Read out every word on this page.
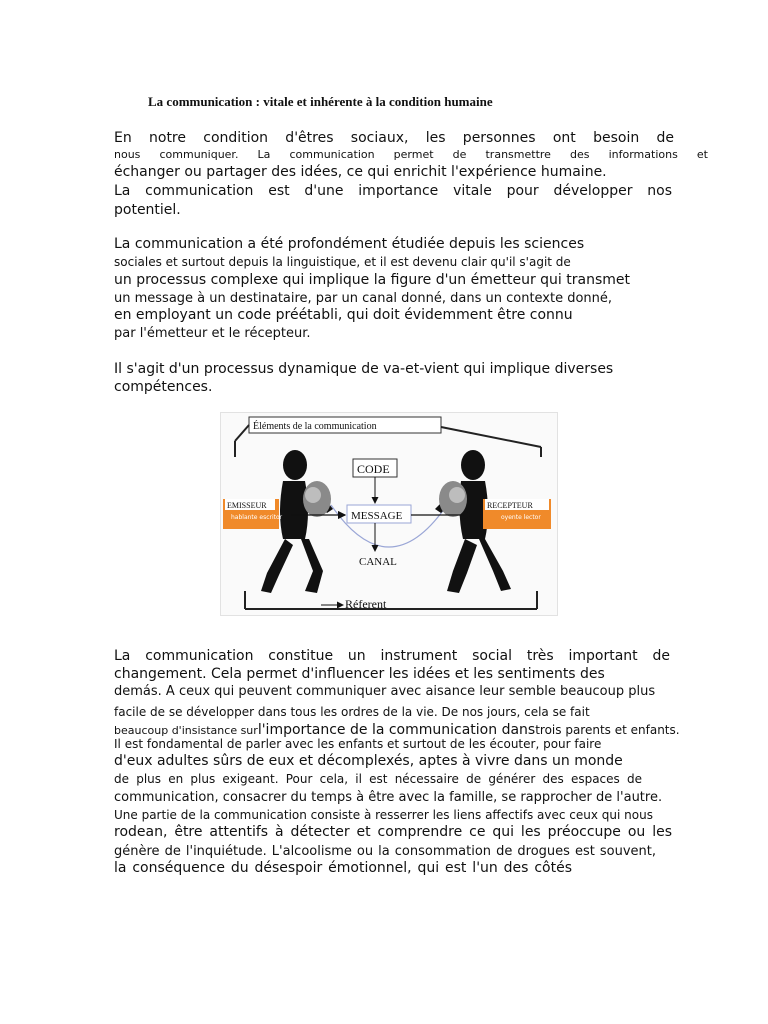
La communication : vitale et inhérente à la condition humaine
En notre condition d'êtres sociaux, les personnes ont besoin de
nous communiquer. La communication permet de transmettre des informations et
échanger ou partager des idées, ce qui enrichit l'expérience humaine.
La communication est d'une importance vitale pour développer nos
potentiel.
La communication a été profondément étudiée depuis les sciences
sociales et surtout depuis la linguistique, et il est devenu clair qu'il s'agit de
un processus complexe qui implique la figure d'un émetteur qui transmet
un message à un destinataire, par un canal donné, dans un contexte donné,
en employant un code préétabli, qui doit évidemment être connu
par l'émetteur et le récepteur.
Il s'agit d'un processus dynamique de va-et-vient qui implique diverses
compétences.
Éléments de la communication
CODE
MESSAGE
CANAL
Réferent
EMISSEUR
hablante escritor
RECEPTEUR
oyente lector
La communication constitue un instrument social très important de
changement. Cela permet d'influencer les idées et les sentiments des
demás. A ceux qui peuvent communiquer avec aisance leur semble beaucoup plus
facile de se développer dans tous les ordres de la vie. De nos jours, cela se fait
beaucoup d'insistance surl'importance de la communication danstrois parents et enfants.
Il est fondamental de parler avec les enfants et surtout de les écouter, pour faire
d'eux adultes sûrs de eux et décomplexés, aptes à vivre dans un monde
de plus en plus exigeant. Pour cela, il est nécessaire de générer des espaces de
communication, consacrer du temps à être avec la famille, se rapprocher de l'autre.
Une partie de la communication consiste à resserrer les liens affectifs avec ceux qui nous
rodean, être attentifs à détecter et comprendre ce qui les préoccupe ou les
génère de l'inquiétude. L'alcoolisme ou la consommation de drogues est souvent,
la conséquence du désespoir émotionnel, qui est l'un des côtés
